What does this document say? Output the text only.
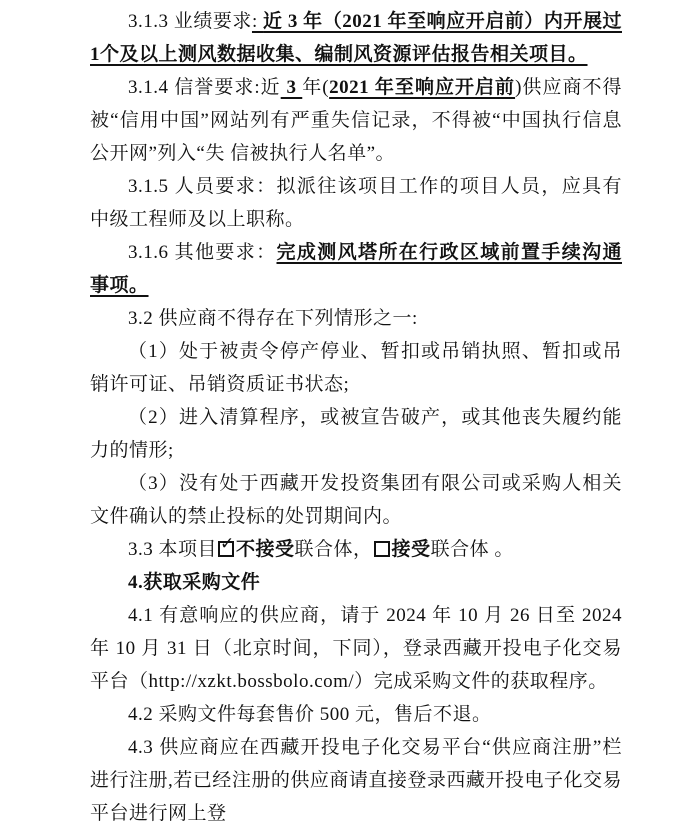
3.1.3 业绩要求: 近 3 年（2021 年至响应开启前）内开展过1个及以上测风数据收集、编制风资源评估报告相关项目。

3.1.4 信誉要求:近 3 年(2021 年至响应开启前)供应商不得被“信用中国”网站列有严重失信记录，不得被“中国执行信息公开网”列入“失 信被执行人名单”。

3.1.5 人员要求：拟派往该项目工作的项目人员，应具有中级工程师及以上职称。

3.1.6 其他要求：完成测风塔所在行政区域前置手续沟通事项。

3.2 供应商不得存在下列情形之一:

（1）处于被责令停产停业、暂扣或吊销执照、暂扣或吊销许可证、吊销资质证书状态;

（2）进入清算程序，或被宣告破产，或其他丧失履约能力的情形;

（3）没有处于西藏开发投资集团有限公司或采购人相关文件确认的禁止投标的处罚期间内。

3.3 本项目 ✓ 不接受联合体， 接受联合体 。

4.获取采购文件

4.1 有意响应的供应商，请于 2024 年 10 月 26 日至 2024 年 10 月 31 日（北京时间，下同），登录西藏开投电子化交易平台（http://xzkt.bossbolo.com/）完成采购文件的获取程序。

4.2 采购文件每套售价 500 元，售后不退。

4.3 供应商应在西藏开投电子化交易平台“供应商注册”栏进行注册,若已经注册的供应商请直接登录西藏开投电子化交易平台进行网上登
